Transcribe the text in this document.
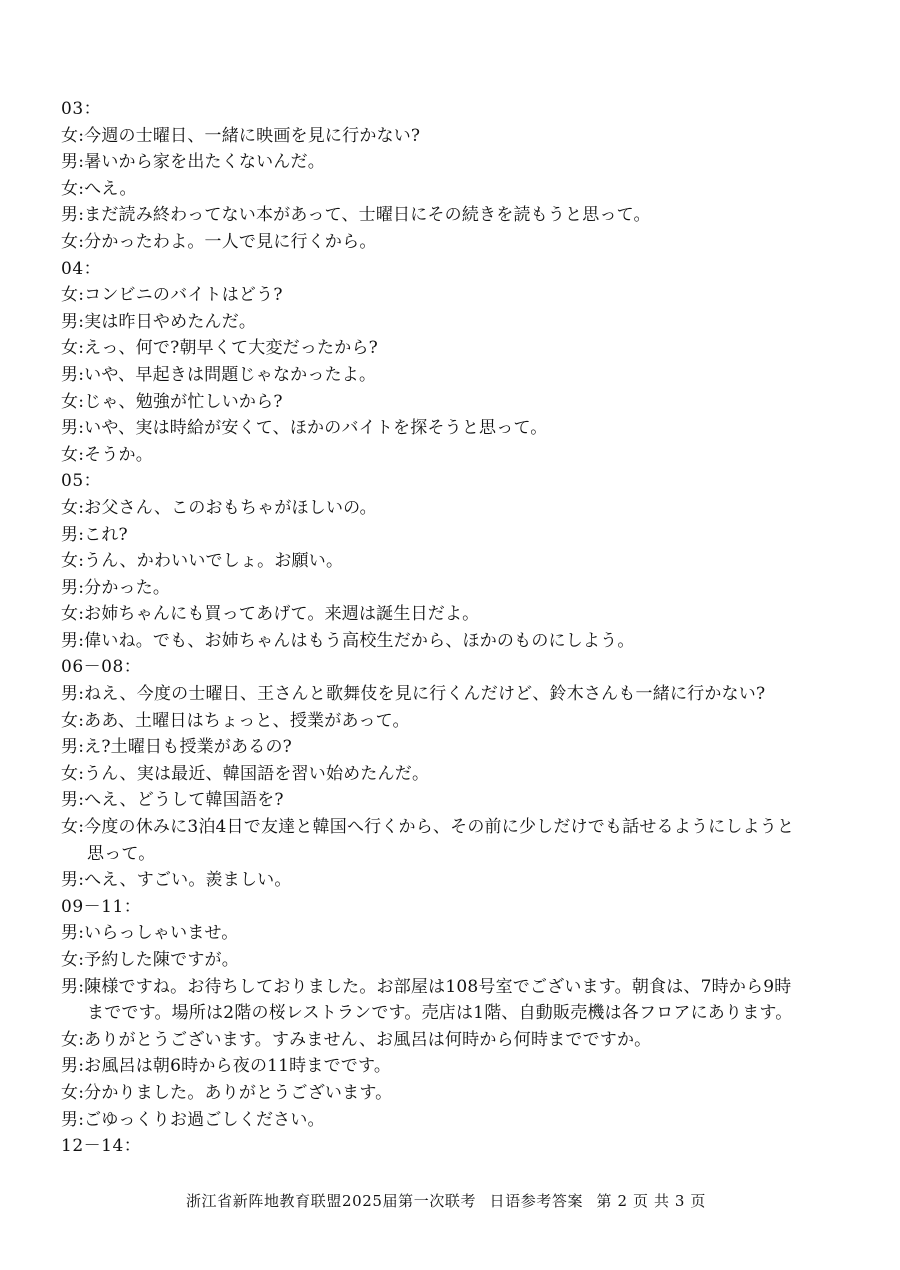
03：
女:今週の士曜日、一緒に映画を見に行かない?
男:暑いから家を出たくないんだ。
女:へえ。
男:まだ読み終わってない本があって、士曜日にその続きを読もうと思って。
女:分かったわよ。一人で見に行くから。
04：
女:コンビニのバイトはどう?
男:実は昨日やめたんだ。
女:えっ、何で?朝早くて大変だったから?
男:いや、早起きは問題じゃなかったよ。
女:じゃ、勉強が忙しいから?
男:いや、実は時給が安くて、ほかのバイトを探そうと思って。
女:そうか。
05：
女:お父さん、このおもちゃがほしいの。
男:これ?
女:うん、かわいいでしょ。お願い。
男:分かった。
女:お姉ちゃんにも買ってあげて。来週は誕生日だよ。
男:偉いね。でも、お姉ちゃんはもう高校生だから、ほかのものにしよう。
06－08：
男:ねえ、今度の士曜日、王さんと歌舞伎を見に行くんだけど、鈴木さんも一緒に行かない?
女:ああ、土曜日はちょっと、授業があって。
男:え?土曜日も授業があるの?
女:うん、実は最近、韓国語を習い始めたんだ。
男:へえ、どうして韓国語を?
女:今度の休みに3泊4日で友達と韓国へ行くから、その前に少しだけでも話せるようにしようと
思って。
男:へえ、すごい。羨ましい。
09－11：
男:いらっしゃいませ。
女:予約した陳ですが。
男:陳様ですね。お待ちしておりました。お部屋は108号室でございます。朝食は、7時から9時
までです。場所は2階の桜レストランです。売店は1階、自動販売機は各フロアにあります。
女:ありがとうございます。すみません、お風呂は何時から何時までですか。
男:お風呂は朝6時から夜の11時までです。
女:分かりました。ありがとうございます。
男:ごゆっくりお過ごしください。
12－14：
浙江省新阵地教育联盟2025届第一次联考 日语参考答案 第 2 页 共 3 页
